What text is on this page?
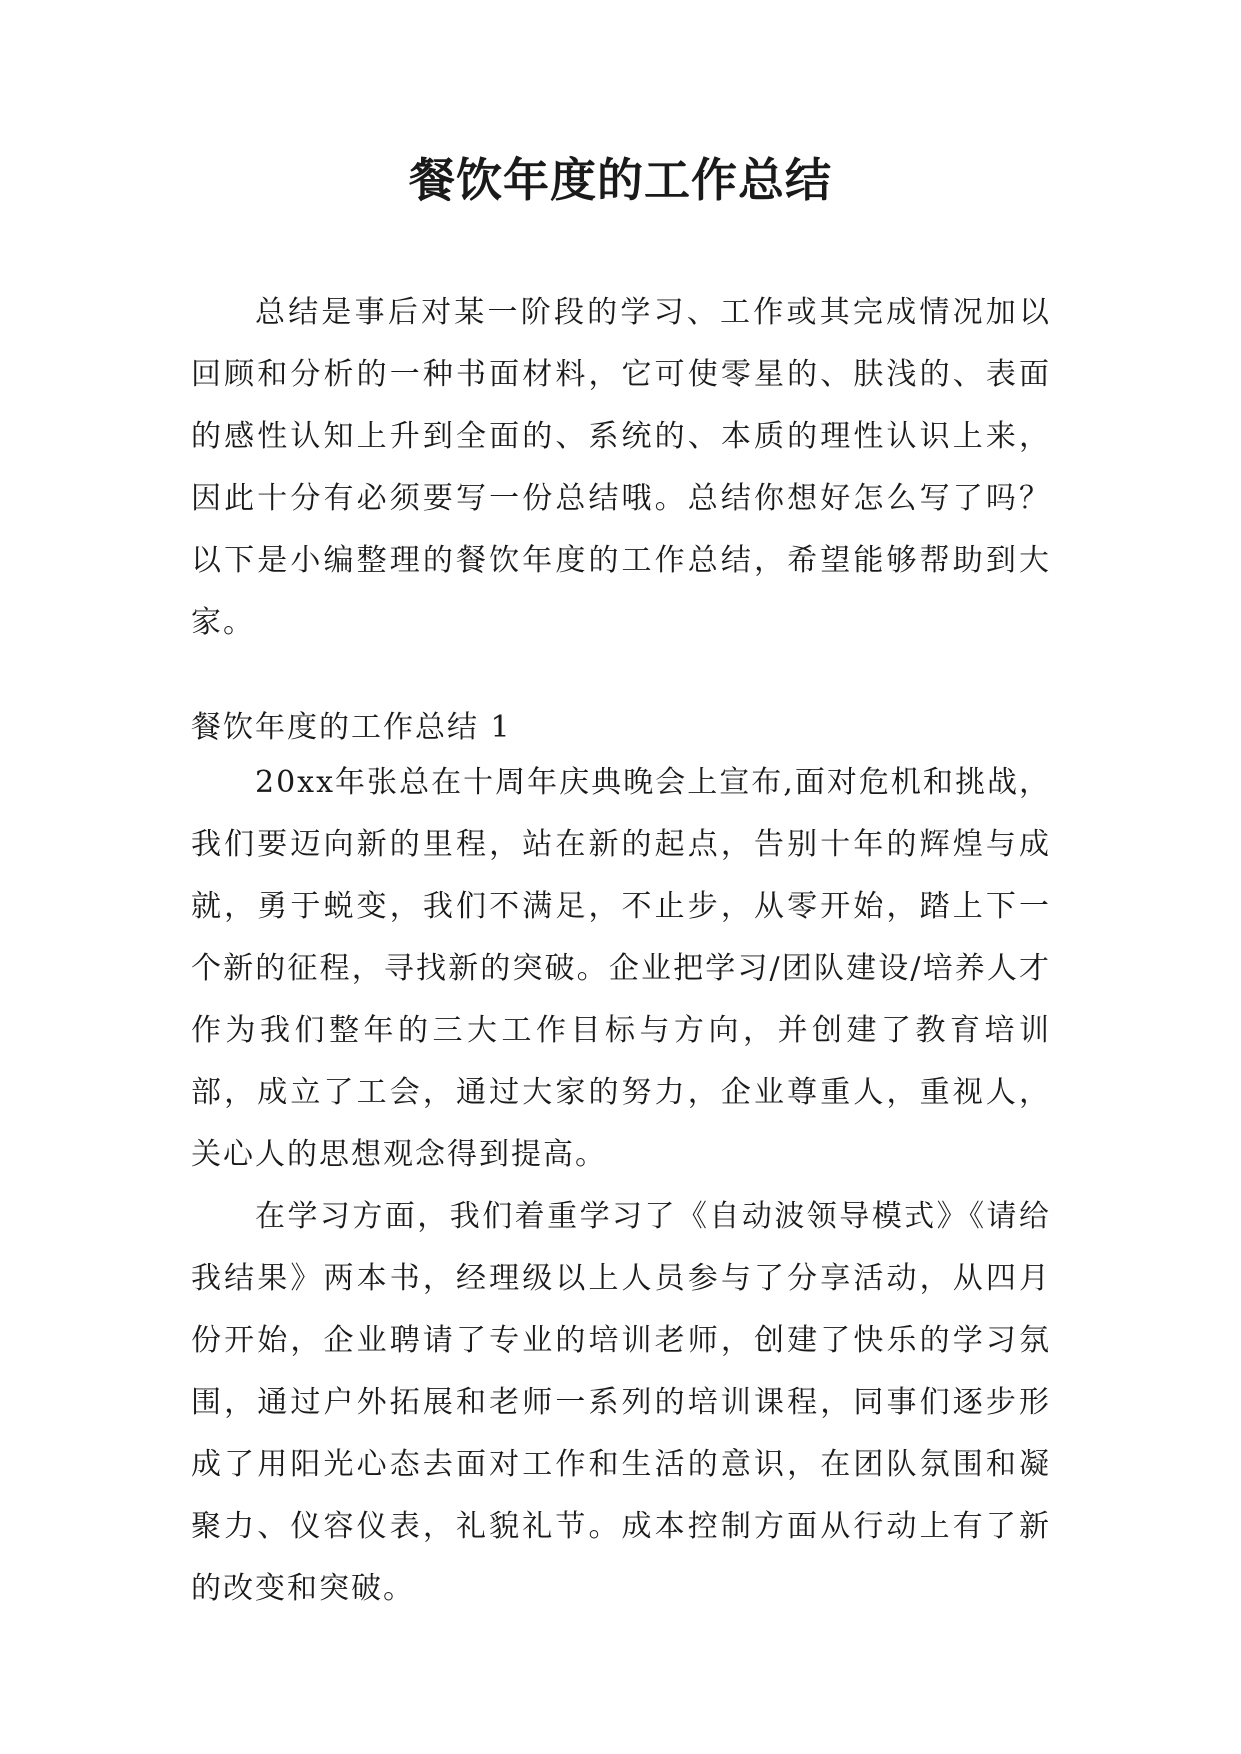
餐饮年度的工作总结

总结是事后对某一阶段的学习、工作或其完成情况加以回顾和分析的一种书面材料，它可使零星的、肤浅的、表面的感性认知上升到全面的、系统的、本质的理性认识上来，因此十分有必须要写一份总结哦。总结你想好怎么写了吗？以下是小编整理的餐饮年度的工作总结，希望能够帮助到大家。

餐饮年度的工作总结 1

20xx年张总在十周年庆典晚会上宣布,面对危机和挑战，我们要迈向新的里程，站在新的起点，告别十年的辉煌与成就，勇于蜕变，我们不满足，不止步，从零开始，踏上下一个新的征程，寻找新的突破。企业把学习/团队建设/培养人才作为我们整年的三大工作目标与方向，并创建了教育培训部，成立了工会，通过大家的努力，企业尊重人，重视人，关心人的思想观念得到提高。

在学习方面，我们着重学习了《自动波领导模式》《请给我结果》两本书，经理级以上人员参与了分享活动，从四月份开始，企业聘请了专业的培训老师，创建了快乐的学习氛围，通过户外拓展和老师一系列的培训课程，同事们逐步形成了用阳光心态去面对工作和生活的意识，在团队氛围和凝聚力、仪容仪表，礼貌礼节。成本控制方面从行动上有了新的改变和突破。
